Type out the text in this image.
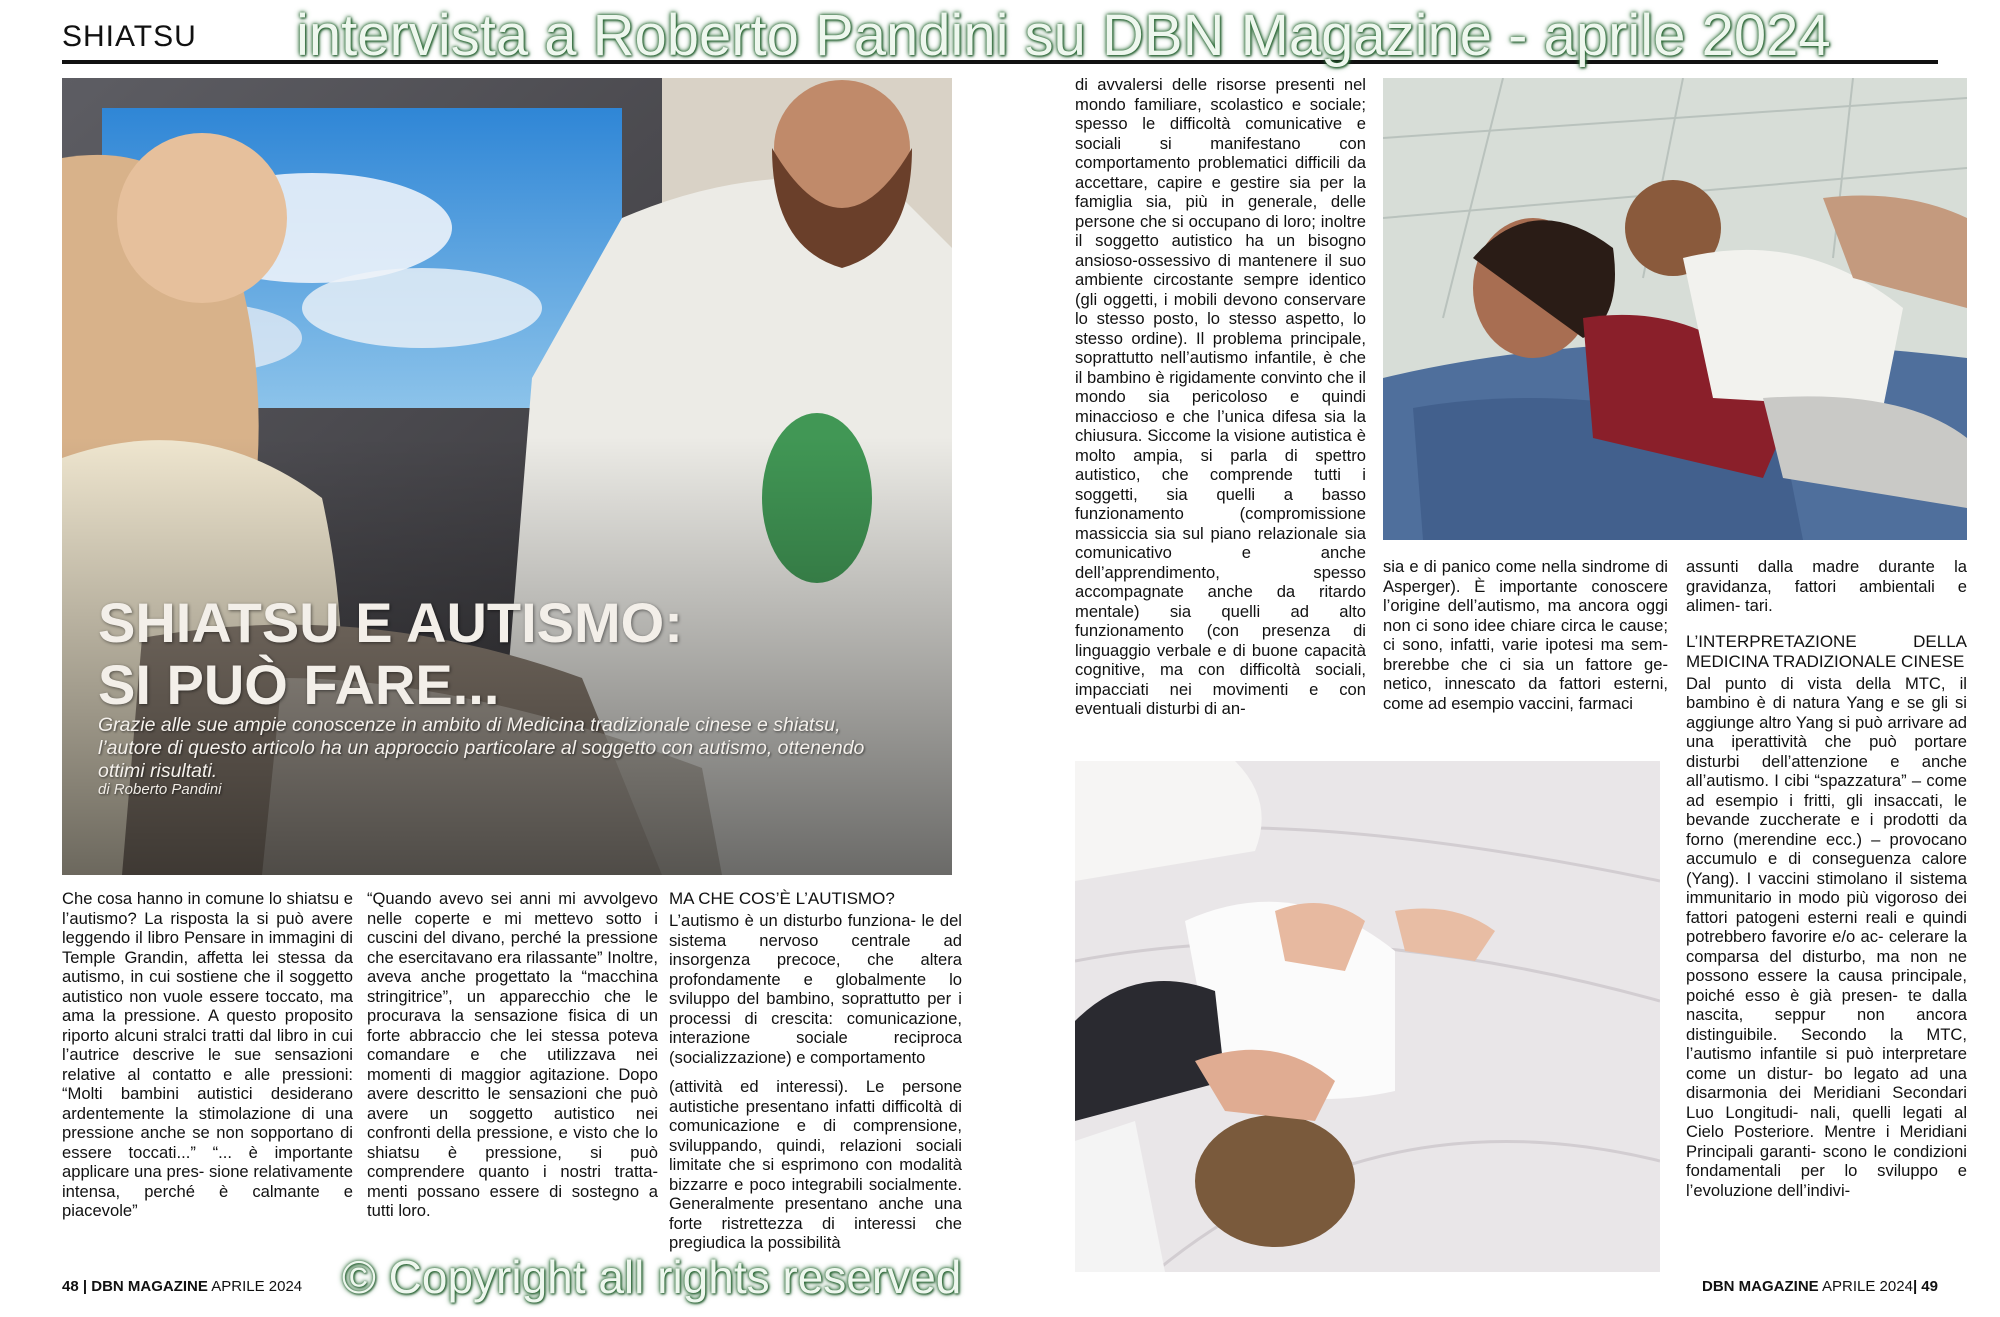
SHIATSU
SHIATSU E AUTISMO:
SI PUÒ FARE...
Grazie alle sue ampie conoscenze in ambito di Medicina tradizionale cinese e shiatsu, l’autore di questo articolo ha un approccio particolare al soggetto con autismo, ottenendo ottimi risultati.
di Roberto Pandini

Che cosa hanno in comune lo shiatsu e l’autismo? La risposta la si può avere leggendo il libro Pensare in immagini di Temple Grandin, affetta lei stessa da autismo, in cui sostiene che il soggetto autistico non vuole essere toccato, ma ama la pressione. A questo proposito riporto alcuni stralci tratti dal libro in cui l’autrice descrive le sue sensazioni relative al contatto e alle pressioni: “Molti bambini autistici desiderano ardentemente la stimolazione di una pressione anche se non sopportano di essere toccati...” “... è importante applicare una pres- sione relativamente intensa, perché è calmante e piacevole”

“Quando avevo sei anni mi avvolgevo nelle coperte e mi mettevo sotto i cuscini del divano, perché la pressione che esercitavano era rilassante” Inoltre, aveva anche progettato la “macchina stringitrice”, un apparecchio che le procurava la sensazione fisica di un forte abbraccio che lei stessa poteva comandare e che utilizzava nei momenti di maggior agitazione. Dopo avere descritto le sensazioni che può avere un soggetto autistico nei confronti della pressione, e visto che lo shiatsu è pressione, si può comprendere quanto i nostri tratta- menti possano essere di sostegno a tutti loro.

MA CHE COS’È L’AUTISMO?

L’autismo è un disturbo funziona- le del sistema nervoso centrale ad insorgenza precoce, che altera profondamente e globalmente lo sviluppo del bambino, soprattutto per i processi di crescita: comunicazione, interazione sociale reciproca (socializzazione) e comportamento

(attività ed interessi). Le persone autistiche presentano infatti difficoltà di comunicazione e di comprensione, sviluppando, quindi, relazioni sociali limitate che si esprimono con modalità bizzarre e poco integrabili socialmente. Generalmente presentano anche una forte ristrettezza di interessi che pregiudica la possibilità

di avvalersi delle risorse presenti nel mondo familiare, scolastico e sociale; spesso le difficoltà comunicative e sociali si manifestano con comportamento problematici difficili da accettare, capire e gestire sia per la famiglia sia, più in generale, delle persone che si occupano di loro; inoltre il soggetto autistico ha un bisogno ansioso-ossessivo di mantenere il suo ambiente circostante sempre identico (gli oggetti, i mobili devono conservare lo stesso posto, lo stesso aspetto, lo stesso ordine). Il problema principale, soprattutto nell’autismo infantile, è che il bambino è rigidamente convinto che il mondo sia pericoloso e quindi minaccioso e che l’unica difesa sia la chiusura. Siccome la visione autistica è molto ampia, si parla di spettro autistico, che comprende tutti i soggetti, sia quelli a basso funzionamento (compromissione massiccia sia sul piano relazionale sia comunicativo e anche dell’apprendimento, spesso accompagnate anche da ritardo mentale) sia quelli ad alto funzionamento (con presenza di linguaggio verbale e di buone capacità cognitive, ma con difficoltà sociali, impacciati nei movimenti e con eventuali disturbi di an-

sia e di panico come nella sindrome di Asperger). È importante conoscere l’origine dell’autismo, ma ancora oggi non ci sono idee chiare circa le cause; ci sono, infatti, varie ipotesi ma sem- brerebbe che ci sia un fattore ge- netico, innescato da fattori esterni, come ad esempio vaccini, farmaci

assunti dalla madre durante la gravidanza, fattori ambientali e alimen- tari.

L’INTERPRETAZIONE DELLA MEDICINA TRADIZIONALE CINESE

Dal punto di vista della MTC, il bambino è di natura Yang e se gli si aggiunge altro Yang si può arrivare ad una iperattività che può portare disturbi dell’attenzione e anche all’autismo. I cibi “spazzatura” – come ad esempio i fritti, gli insaccati, le bevande zuccherate e i prodotti da forno (merendine ecc.) – provocano accumulo e di conseguenza calore (Yang). I vaccini stimolano il sistema immunitario in modo più vigoroso dei fattori patogeni esterni reali e quindi potrebbero favorire e/o ac- celerare la comparsa del disturbo, ma non ne possono essere la causa principale, poiché esso è già presen- te dalla nascita, seppur non ancora distinguibile. Secondo la MTC, l’autismo infantile si può interpretare come un distur- bo legato ad una disarmonia dei Meridiani Secondari Luo Longitudi- nali, quelli legati al Cielo Posteriore. Mentre i Meridiani Principali garanti- scono le condizioni fondamentali per lo sviluppo e l’evoluzione dell’indivi-

48 | DBN MAGAZINE APRILE 2024	DBN MAGAZINE APRILE 2024| 49
intervista a Roberto Pandini su DBN Magazine - aprile 2024
© Copyright all rights reserved
